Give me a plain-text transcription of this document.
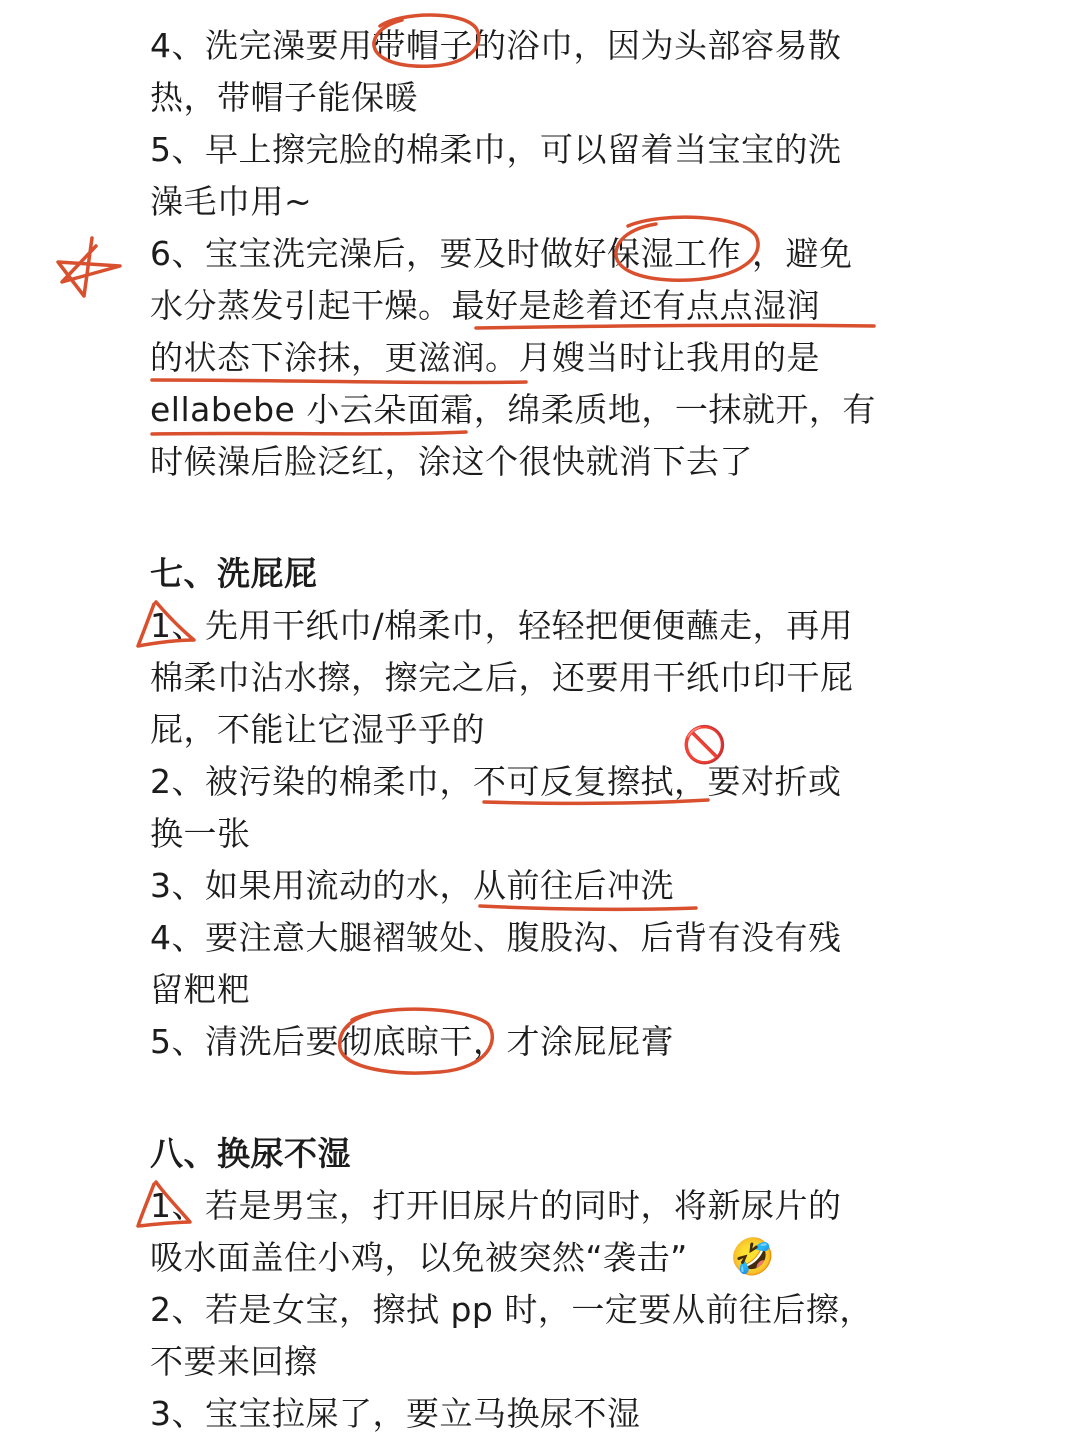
4、洗完澡要用带帽子的浴巾，因为头部容易散
热，带帽子能保暖
5、早上擦完脸的棉柔巾，可以留着当宝宝的洗
澡毛巾用~
6、宝宝洗完澡后，要及时做好保湿工作 ，避免
水分蒸发引起干燥。最好是趁着还有点点湿润
的状态下涂抹，更滋润。月嫂当时让我用的是
ellabebe 小云朵面霜，绵柔质地，一抹就开，有
时候澡后脸泛红，涂这个很快就消下去了
七、洗屁屁
1、先用干纸巾/棉柔巾，轻轻把便便蘸走，再用
棉柔巾沾水擦，擦完之后，还要用干纸巾印干屁
屁，不能让它湿乎乎的
2、被污染的棉柔巾，不可反复擦拭，要对折或
换一张
3、如果用流动的水，从前往后冲洗
4、要注意大腿褶皱处、腹股沟、后背有没有残
留粑粑
5、清洗后要彻底晾干，才涂屁屁膏
八、换尿不湿
1、若是男宝，打开旧尿片的同时，将新尿片的
吸水面盖住小鸡，以免被突然“袭击”
2、若是女宝，擦拭 pp 时，一定要从前往后擦，
不要来回擦
3、宝宝拉屎了，要立马换尿不湿
🚫
🤣
